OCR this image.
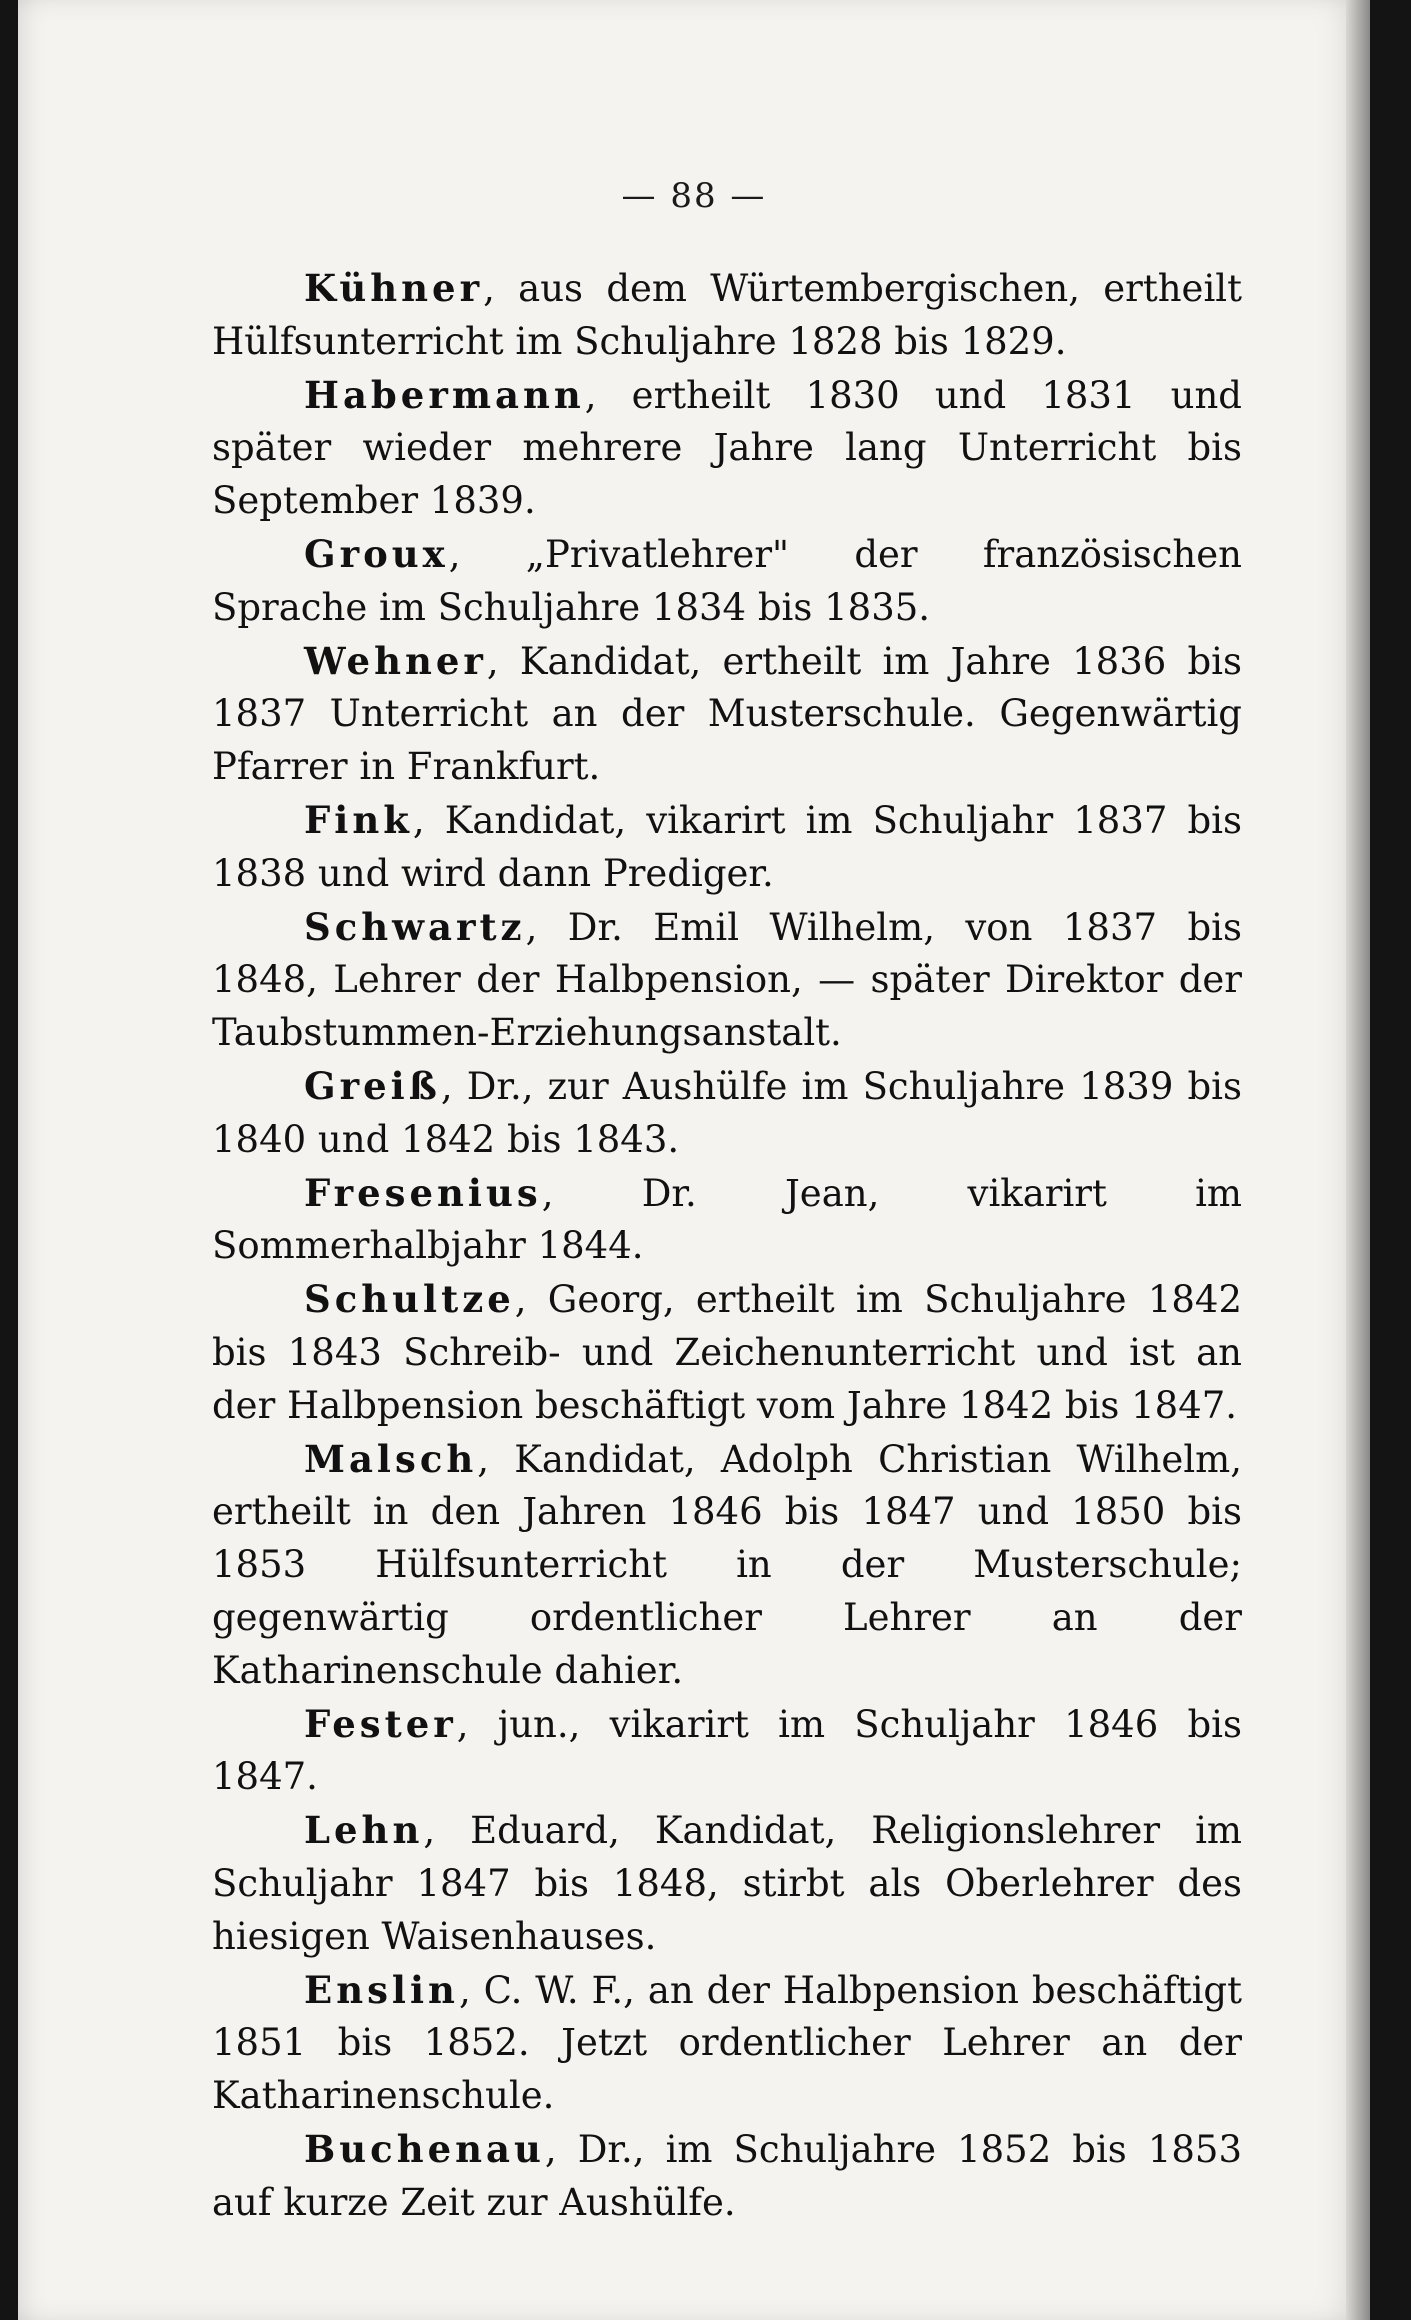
— 88 —

Kühner, aus dem Würtembergischen, ertheilt Hülfsunterricht im Schuljahre 1828 bis 1829.

Habermann, ertheilt 1830 und 1831 und später wieder mehrere Jahre lang Unterricht bis September 1839.

Groux, „Privatlehrer" der französischen Sprache im Schuljahre 1834 bis 1835.

Wehner, Kandidat, ertheilt im Jahre 1836 bis 1837 Unterricht an der Musterschule. Gegenwärtig Pfarrer in Frankfurt.

Fink, Kandidat, vikarirt im Schuljahr 1837 bis 1838 und wird dann Prediger.

Schwartz, Dr. Emil Wilhelm, von 1837 bis 1848, Lehrer der Halbpension, — später Direktor der Taubstummen-Erziehungsanstalt.

Greiß, Dr., zur Aushülfe im Schuljahre 1839 bis 1840 und 1842 bis 1843.

Fresenius, Dr. Jean, vikarirt im Sommerhalbjahr 1844.

Schultze, Georg, ertheilt im Schuljahre 1842 bis 1843 Schreib- und Zeichenunterricht und ist an der Halbpension beschäftigt vom Jahre 1842 bis 1847.

Malsch, Kandidat, Adolph Christian Wilhelm, ertheilt in den Jahren 1846 bis 1847 und 1850 bis 1853 Hülfsunterricht in der Musterschule; gegenwärtig ordentlicher Lehrer an der Katharinenschule dahier.

Fester, jun., vikarirt im Schuljahr 1846 bis 1847.

Lehn, Eduard, Kandidat, Religionslehrer im Schuljahr 1847 bis 1848, stirbt als Oberlehrer des hiesigen Waisenhauses.

Enslin, C. W. F., an der Halbpension beschäftigt 1851 bis 1852. Jetzt ordentlicher Lehrer an der Katharinenschule.

Buchenau, Dr., im Schuljahre 1852 bis 1853 auf kurze Zeit zur Aushülfe.
